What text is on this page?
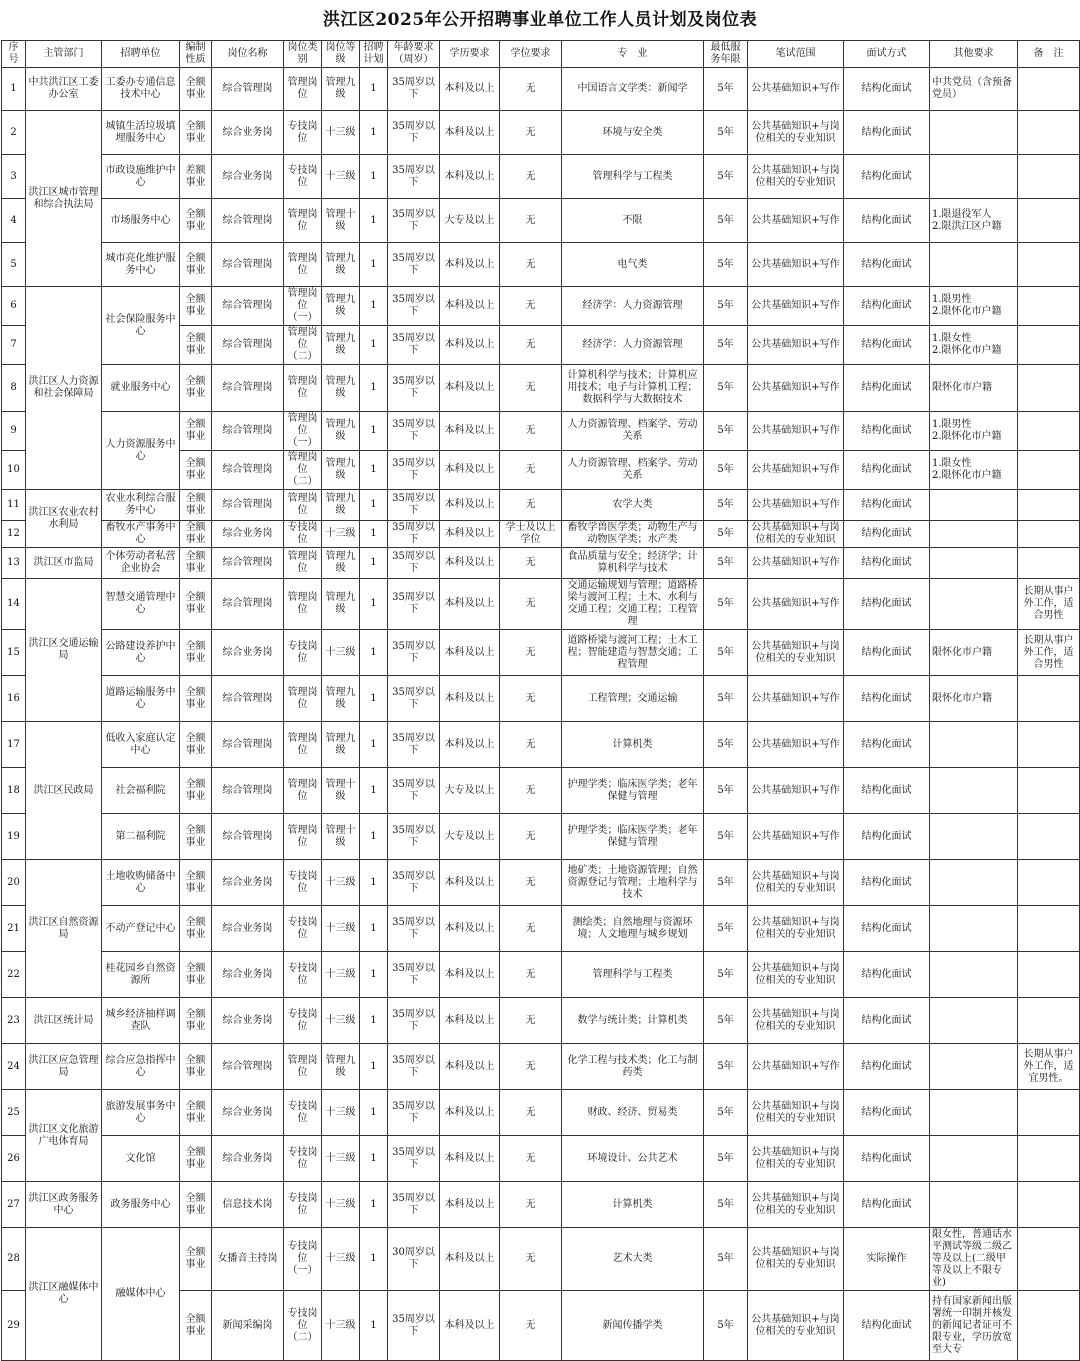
洪江区2025年公开招聘事业单位工作人员计划及岗位表
序号	主管部门	招聘单位	编制性质	岗位名称	岗位类别	岗位等级	招聘计划	年龄要求（周岁）	学历要求	学位要求	专　业	最低服务年限	笔试范围	面试方式	其他要求	备　注
1	中共洪江区工委办公室	工委办专通信息技术中心	全额事业	综合管理岗	管理岗位	管理九级	1	35周岁以下	本科及以上	无	中国语言文学类：新闻学	5年	公共基础知识+写作	结构化面试	中共党员（含预备党员）	
2	洪江区城市管理和综合执法局	城镇生活垃圾填埋服务中心	全额事业	综合业务岗	专技岗位	十三级	1	35周岁以下	本科及以上	无	环境与安全类	5年	公共基础知识+与岗位相关的专业知识	结构化面试		
3		市政设施维护中心	差额事业	综合业务岗	专技岗位	十三级	1	35周岁以下	本科及以上	无	管理科学与工程类	5年	公共基础知识+与岗位相关的专业知识	结构化面试		
4		市场服务中心	全额事业	综合管理岗	管理岗位	管理十级	1	35周岁以下	大专及以上	无	不限	5年	公共基础知识+写作	结构化面试	1.限退役军人
2.限洪江区户籍	
5		城市亮化维护服务中心	全额事业	综合管理岗	管理岗位	管理九级	1	35周岁以下	本科及以上	无	电气类	5年	公共基础知识+写作	结构化面试		
6	洪江区人力资源和社会保障局	社会保险服务中心	全额事业	综合管理岗	管理岗位（一）	管理九级	1	35周岁以下	本科及以上	无	经济学：人力资源管理	5年	公共基础知识+写作	结构化面试	1.限男性
2.限怀化市户籍	
7			全额事业	综合管理岗	管理岗位（二）	管理九级	1	35周岁以下	本科及以上	无	经济学：人力资源管理	5年	公共基础知识+写作	结构化面试	1.限女性
2.限怀化市户籍	
8		就业服务中心	全额事业	综合管理岗	管理岗位	管理九级	1	35周岁以下	本科及以上	无	计算机科学与技术；计算机应用技术；电子与计算机工程；数据科学与大数据技术	5年	公共基础知识+写作	结构化面试	限怀化市户籍	
9		人力资源服务中心	全额事业	综合管理岗	管理岗位（一）	管理九级	1	35周岁以下	本科及以上	无	人力资源管理、档案学、劳动关系	5年	公共基础知识+写作	结构化面试	1.限男性
2.限怀化市户籍	
10			全额事业	综合管理岗	管理岗位（二）	管理九级	1	35周岁以下	本科及以上	无	人力资源管理、档案学、劳动关系	5年	公共基础知识+写作	结构化面试	1.限女性
2.限怀化市户籍	
11	洪江区农业农村水利局	农业水利综合服务中心	全额事业	综合管理岗	管理岗位	管理九级	1	35周岁以下	本科及以上	无	农学大类	5年	公共基础知识+写作	结构化面试		
12		畜牧水产事务中心	全额事业	综合业务岗	专技岗位	十三级	1	35周岁以下	本科及以上	学士及以上学位	畜牧学兽医学类；动物生产与动物医学类；水产类	5年	公共基础知识+与岗位相关的专业知识	结构化面试		
13	洪江区市监局	个体劳动者私营企业协会	全额事业	综合管理岗	管理岗位	管理九级	1	35周岁以下	本科及以上	无	食品质量与安全；经济学；计算机科学与技术	5年	公共基础知识+写作	结构化面试		
14	洪江区交通运输局	智慧交通管理中心	全额事业	综合管理岗	管理岗位	管理九级	1	35周岁以下	本科及以上	无	交通运输规划与管理；道路桥梁与渡河工程；土木、水利与交通工程；交通工程；工程管理	5年	公共基础知识+写作	结构化面试		长期从事户外工作，适合男性
15		公路建设养护中心	全额事业	综合业务岗	专技岗位	十三级	1	35周岁以下	本科及以上	无	道路桥梁与渡河工程；土木工程；智能建造与智慧交通；工程管理	5年	公共基础知识+与岗位相关的专业知识	结构化面试	限怀化市户籍	长期从事户外工作，适合男性
16		道路运输服务中心	全额事业	综合管理岗	管理岗位	管理九级	1	35周岁以下	本科及以上	无	工程管理；交通运输	5年	公共基础知识+写作	结构化面试	限怀化市户籍	
17	洪江区民政局	低收入家庭认定中心	全额事业	综合管理岗	管理岗位	管理九级	1	35周岁以下	本科及以上	无	计算机类	5年	公共基础知识+写作	结构化面试		
18		社会福利院	全额事业	综合管理岗	管理岗位	管理十级	1	35周岁以下	大专及以上	无	护理学类；临床医学类；老年保健与管理	5年	公共基础知识+写作	结构化面试		
19		第二福利院	全额事业	综合管理岗	管理岗位	管理十级	1	35周岁以下	大专及以上	无	护理学类；临床医学类；老年保健与管理	5年	公共基础知识+写作	结构化面试		
20	洪江区自然资源局	土地收购储备中心	全额事业	综合业务岗	专技岗位	十三级	1	35周岁以下	本科及以上	无	地矿类；土地资源管理；自然资源登记与管理；土地科学与技术	5年	公共基础知识+与岗位相关的专业知识	结构化面试		
21		不动产登记中心	全额事业	综合业务岗	专技岗位	十三级	1	35周岁以下	本科及以上	无	测绘类；自然地理与资源环境；人文地理与城乡规划	5年	公共基础知识+与岗位相关的专业知识	结构化面试		
22		桂花园乡自然资源所	全额事业	综合业务岗	专技岗位	十三级	1	35周岁以下	本科及以上	无	管理科学与工程类	5年	公共基础知识+与岗位相关的专业知识	结构化面试		
23	洪江区统计局	城乡经济抽样调查队	全额事业	综合业务岗	专技岗位	十三级	1	35周岁以下	本科及以上	无	数学与统计类；计算机类	5年	公共基础知识+与岗位相关的专业知识	结构化面试		
24	洪江区应急管理局	综合应急指挥中心	全额事业	综合管理岗	管理岗位	管理九级	1	35周岁以下	本科及以上	无	化学工程与技术类；化工与制药类	5年	公共基础知识+写作	结构化面试		长期从事户外工作，适宜男性。
25	洪江区文化旅游广电体育局	旅游发展事务中心	全额事业	综合业务岗	专技岗位	十三级	1	35周岁以下	本科及以上	无	财政、经济、贸易类	5年	公共基础知识+与岗位相关的专业知识	结构化面试		
26		文化馆	全额事业	综合业务岗	专技岗位	十三级	1	35周岁以下	本科及以上	无	环境设计、公共艺术	5年	公共基础知识+与岗位相关的专业知识	结构化面试		
27	洪江区政务服务中心	政务服务中心	全额事业	信息技术岗	专技岗位	十三级	1	35周岁以下	本科及以上	无	计算机类	5年	公共基础知识+与岗位相关的专业知识	结构化面试		
28	洪江区融媒体中心	融媒体中心	全额事业	女播音主持岗	专技岗位（一）	十三级	1	30周岁以下	本科及以上	无	艺术大类	5年	公共基础知识+与岗位相关的专业知识	实际操作	限女性，普通话水平测试等级二级乙等及以上(二级甲等及以上不限专业)	
29			全额事业	新闻采编岗	专技岗位（二）	十三级	1	35周岁以下	本科及以上	无	新闻传播学类	5年	公共基础知识+与岗位相关的专业知识	结构化面试	持有国家新闻出版署统一印制并核发的新闻记者证可不限专业，学历放宽至大专	
